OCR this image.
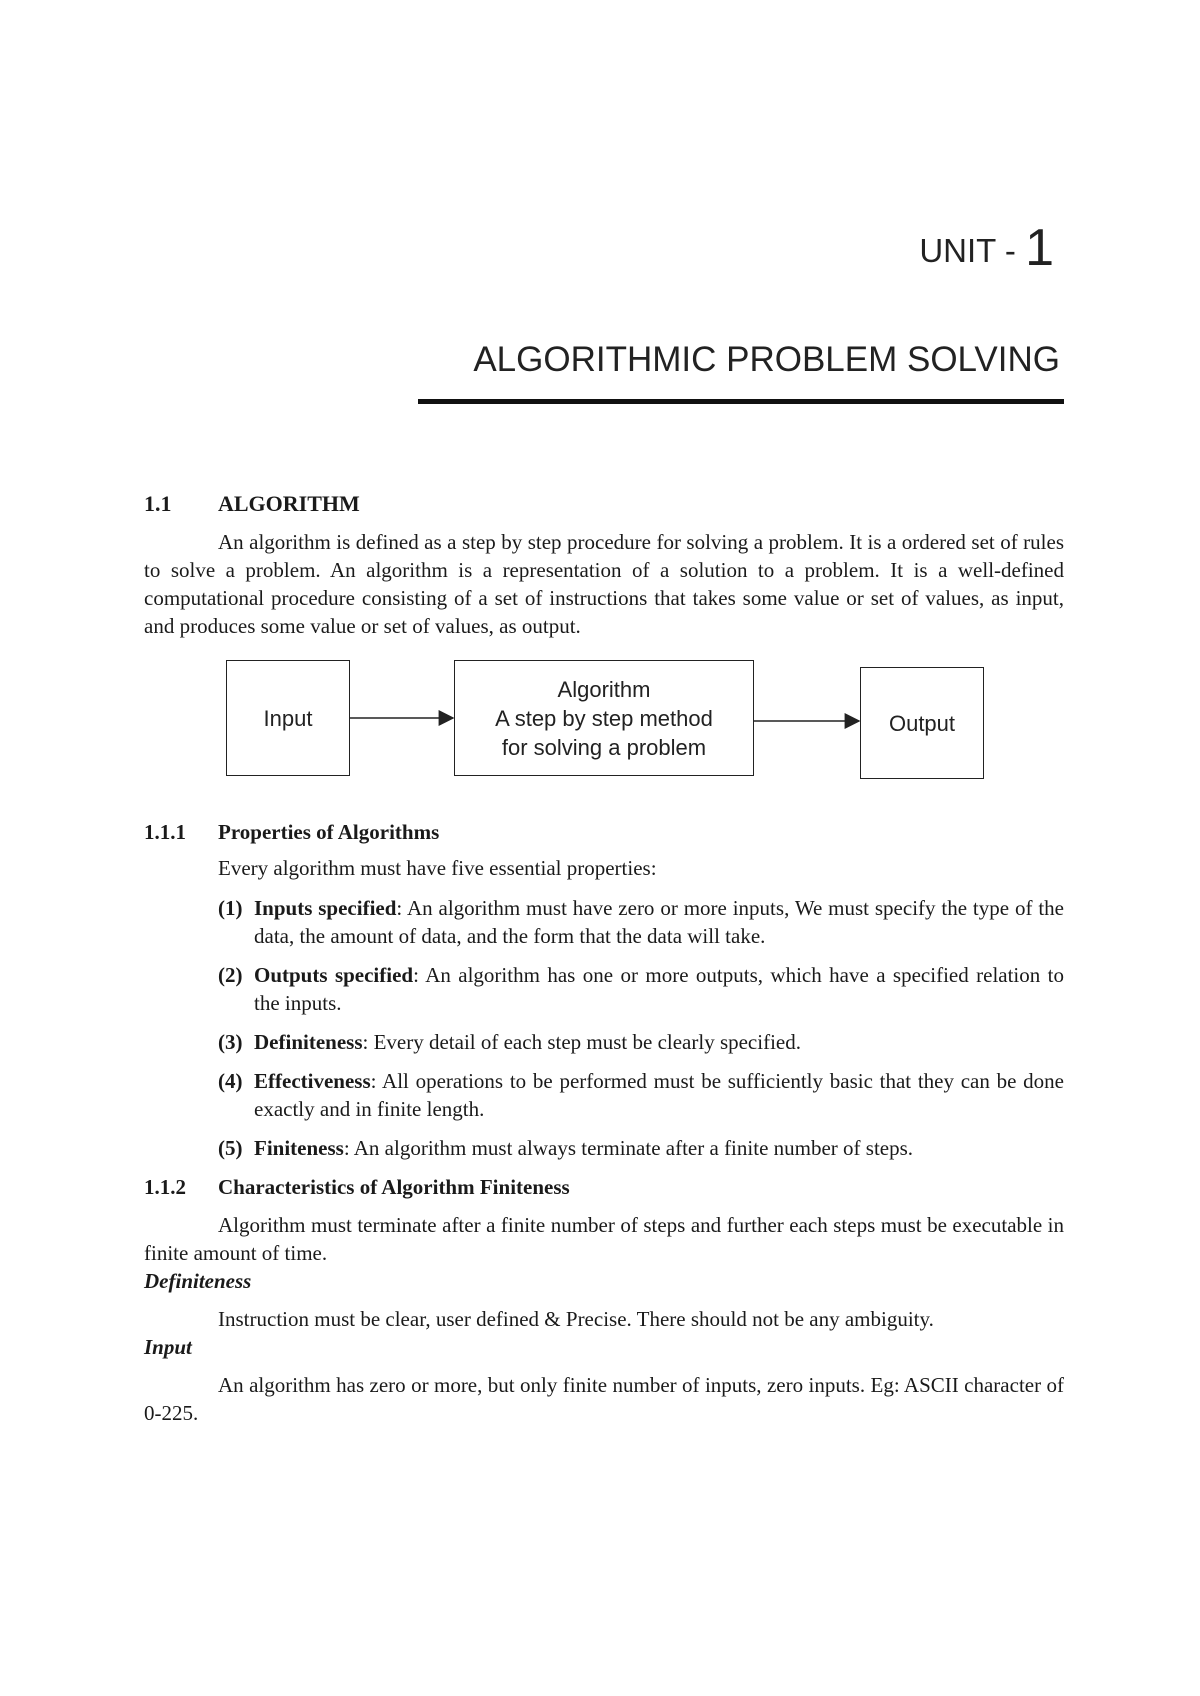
UNIT - 1
ALGORITHMIC PROBLEM SOLVING
1.1	ALGORITHM

An algorithm is defined as a step by step procedure for solving a problem. It is a ordered set of rules to solve a problem. An algorithm is a representation of a solution to a problem. It is a well-defined computational procedure consisting of a set of instructions that takes some value or set of values, as input, and produces some value or set of values, as output.

Input
Algorithm
A step by step method
for solving a problem
Output
1.1.1	Properties of Algorithms

Every algorithm must have five essential properties:

(1) Inputs specified: An algorithm must have zero or more inputs, We must specify the type of the data, the amount of data, and the form that the data will take.
(2) Outputs specified: An algorithm has one or more outputs, which have a specified relation to the inputs.
(3) Definiteness: Every detail of each step must be clearly specified.
(4) Effectiveness: All operations to be performed must be sufficiently basic that they can be done exactly and in finite length.
(5) Finiteness: An algorithm must always terminate after a finite number of steps.
1.1.2	Characteristics of Algorithm Finiteness

Algorithm must terminate after a finite number of steps and further each steps must be executable in finite amount of time.

Definiteness

Instruction must be clear, user defined & Precise. There should not be any ambiguity.

Input

An algorithm has zero or more, but only finite number of inputs, zero inputs. Eg: ASCII character of 0-225.
